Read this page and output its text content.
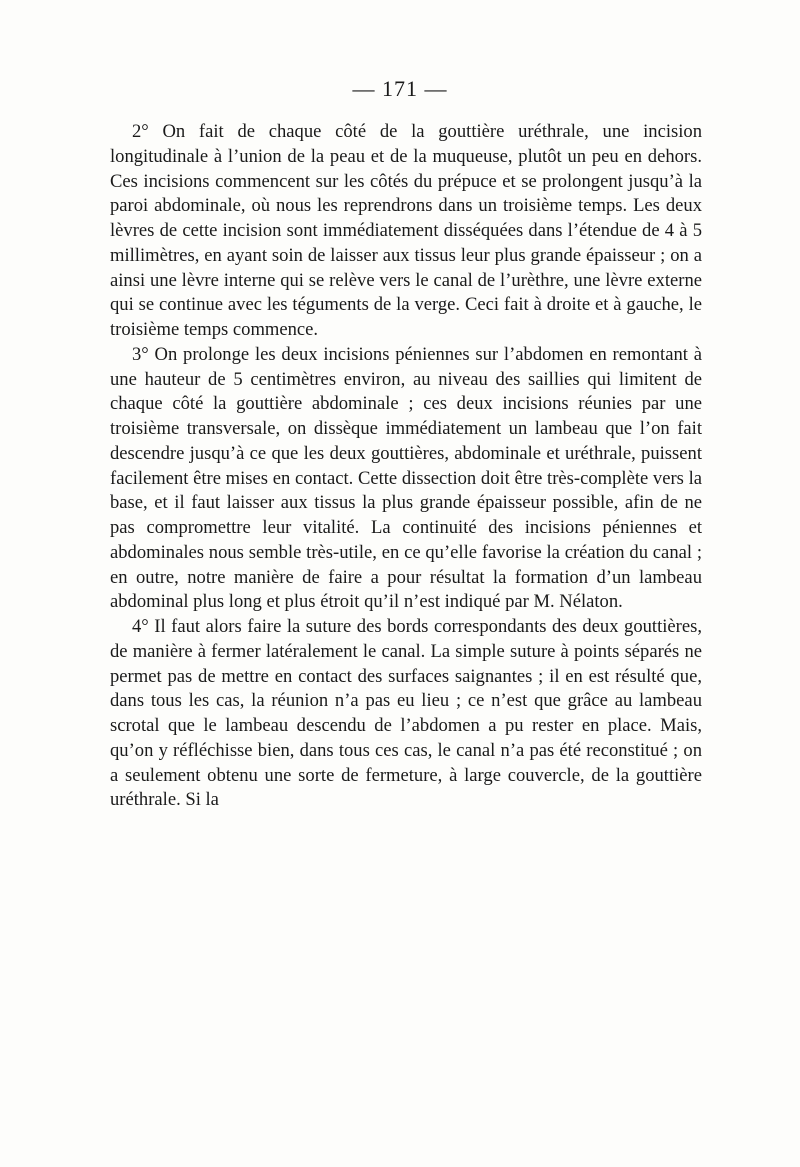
— 171 —

2° On fait de chaque côté de la gouttière uréthrale, une incision longitudinale à l’union de la peau et de la muqueuse, plutôt un peu en dehors. Ces incisions commencent sur les côtés du prépuce et se prolongent jusqu’à la paroi abdominale, où nous les reprendrons dans un troisième temps. Les deux lèvres de cette incision sont immédiatement disséquées dans l’étendue de 4 à 5 millimètres, en ayant soin de laisser aux tissus leur plus grande épaisseur ; on a ainsi une lèvre interne qui se relève vers le canal de l’urèthre, une lèvre externe qui se continue avec les téguments de la verge. Ceci fait à droite et à gauche, le troisième temps commence.

3° On prolonge les deux incisions péniennes sur l’abdomen en remontant à une hauteur de 5 centimètres environ, au niveau des saillies qui limitent de chaque côté la gouttière abdominale ; ces deux incisions réunies par une troisième transversale, on dissèque immédiatement un lambeau que l’on fait descendre jusqu’à ce que les deux gouttières, abdominale et uréthrale, puissent facilement être mises en contact. Cette dissection doit être très-complète vers la base, et il faut laisser aux tissus la plus grande épaisseur possible, afin de ne pas compromettre leur vitalité. La continuité des incisions péniennes et abdominales nous semble très-utile, en ce qu’elle favorise la création du canal ; en outre, notre manière de faire a pour résultat la formation d’un lambeau abdominal plus long et plus étroit qu’il n’est indiqué par M. Nélaton.

4° Il faut alors faire la suture des bords correspondants des deux gouttières, de manière à fermer latéralement le canal. La simple suture à points séparés ne permet pas de mettre en contact des surfaces saignantes ; il en est résulté que, dans tous les cas, la réunion n’a pas eu lieu ; ce n’est que grâce au lambeau scrotal que le lambeau descendu de l’abdomen a pu rester en place. Mais, qu’on y réfléchisse bien, dans tous ces cas, le canal n’a pas été reconstitué ; on a seulement obtenu une sorte de fermeture, à large couvercle, de la gouttière uréthrale. Si la
